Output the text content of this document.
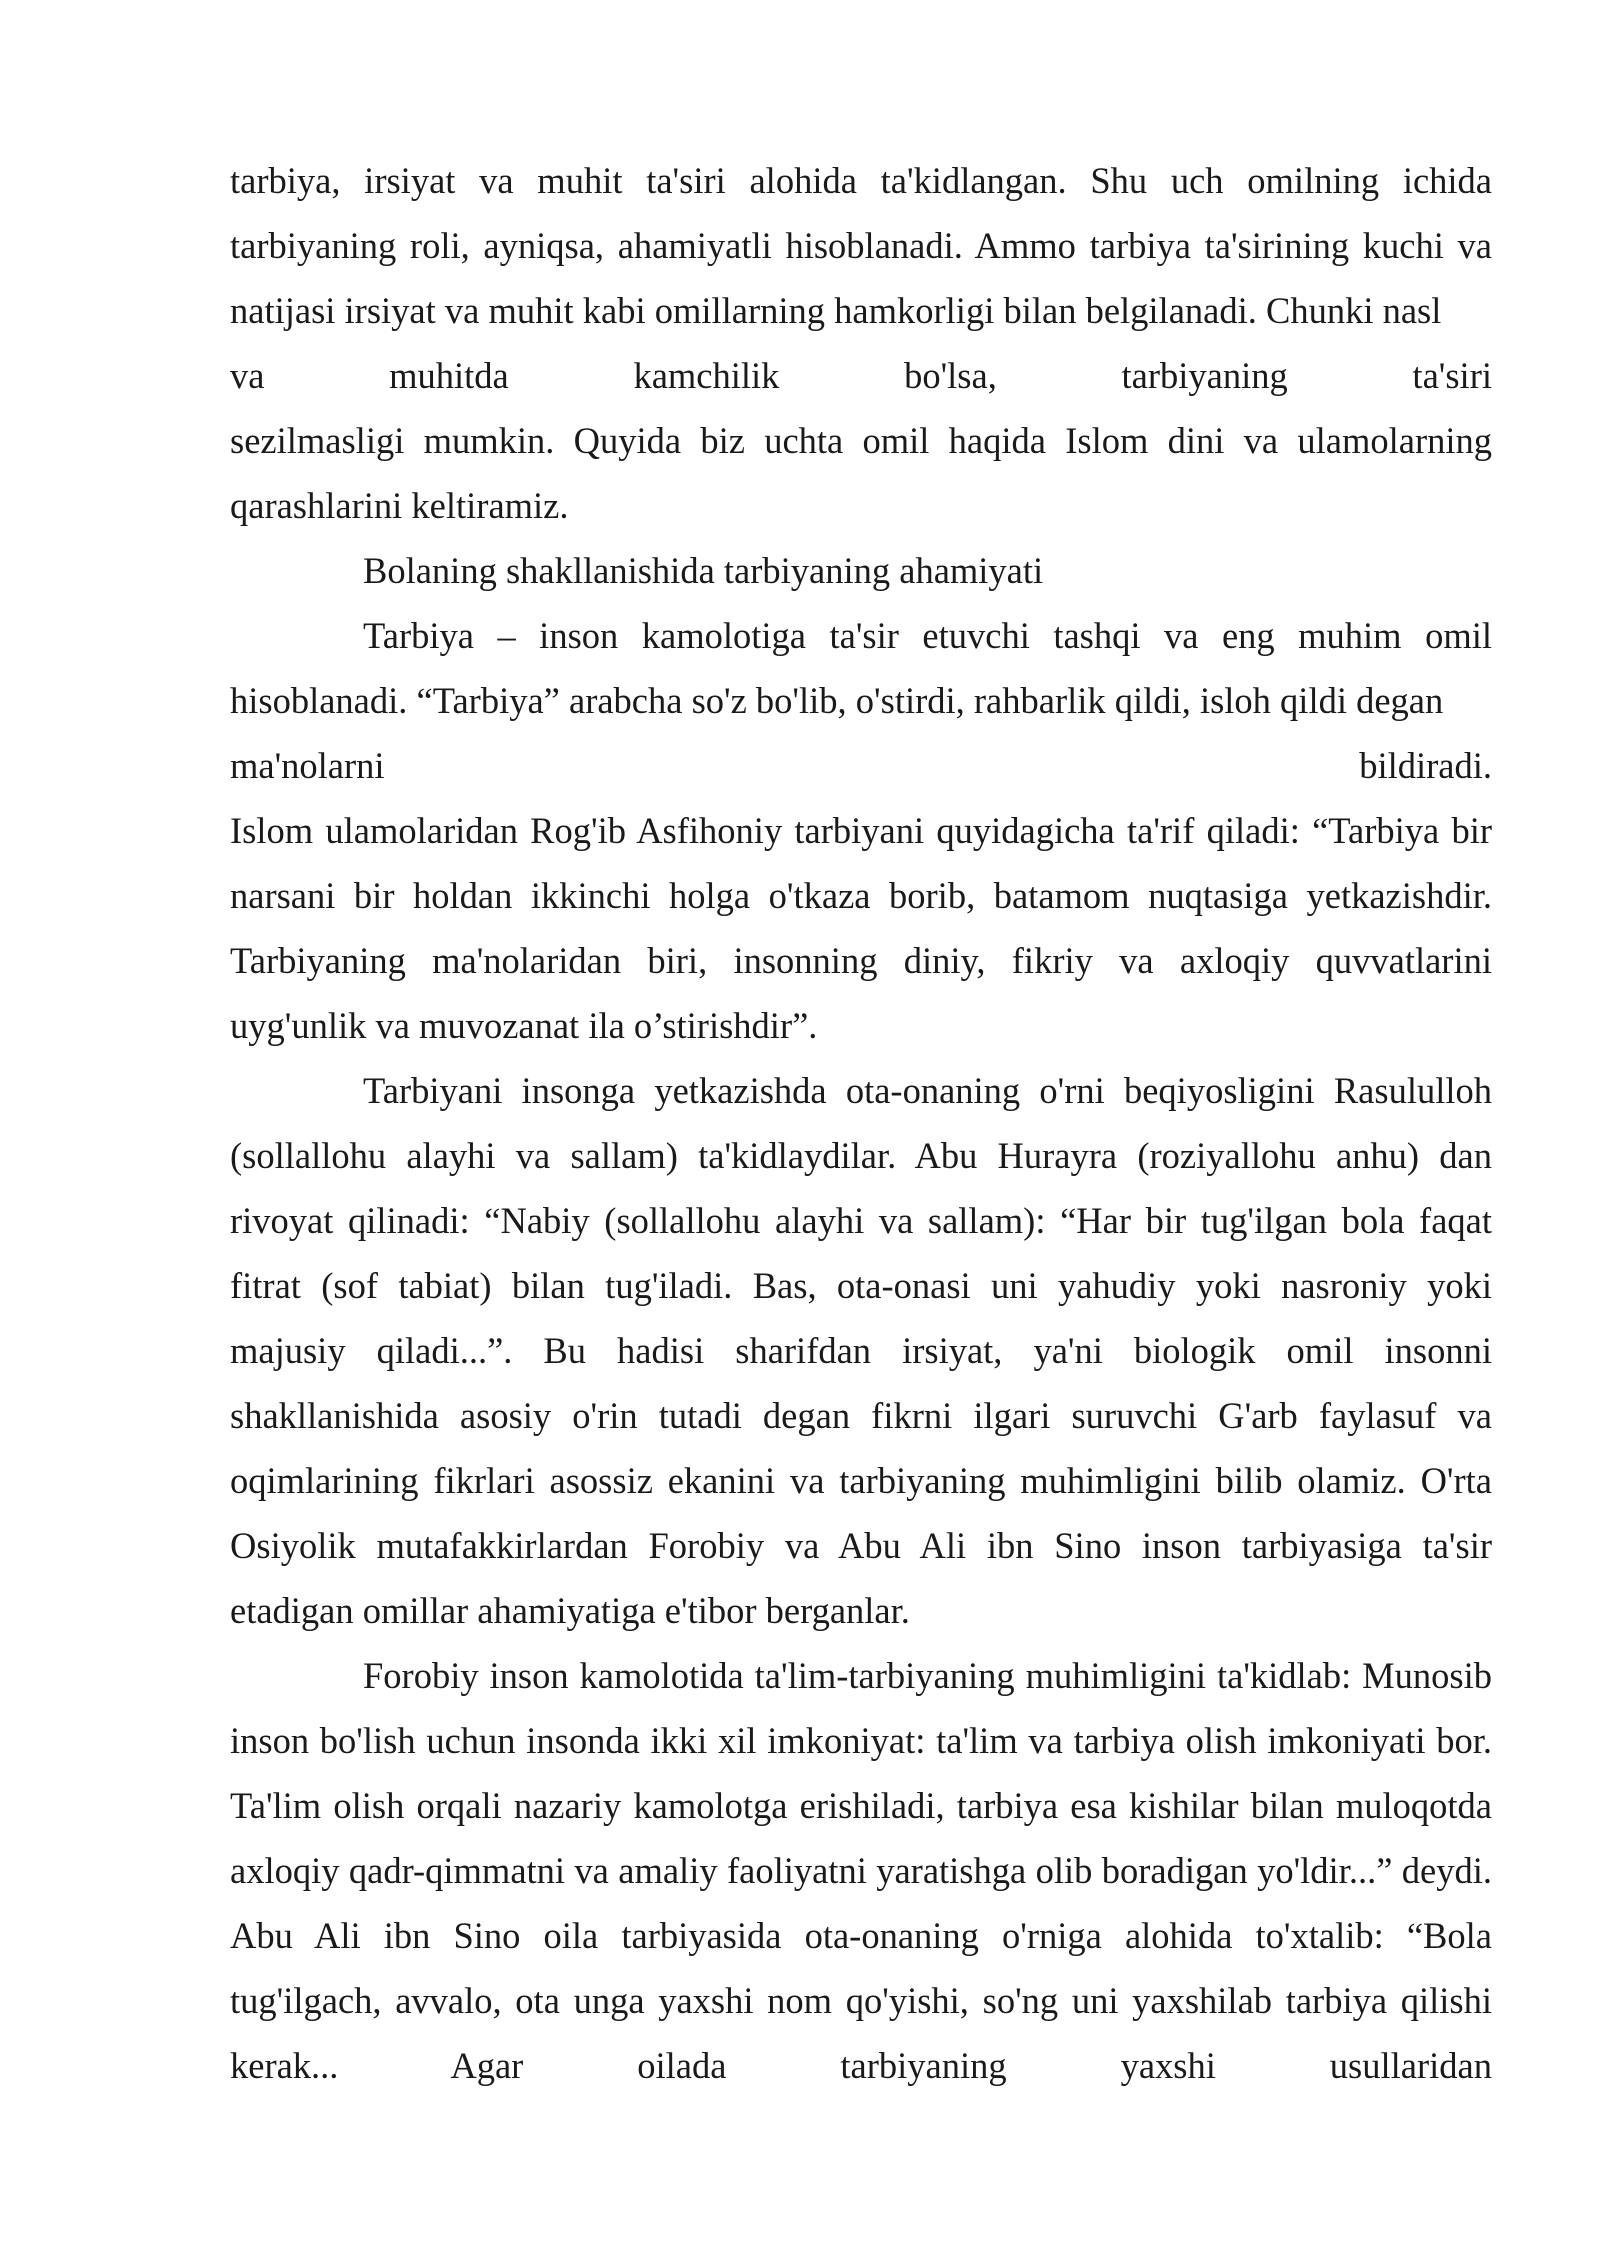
tarbiya, irsiyat va muhit ta'siri alohida ta'kidlangan. Shu uch omilning ichida tarbiyaning roli, ayniqsa, ahamiyatli hisoblanadi. Ammo tarbiya ta'sirining kuchi va natijasi irsiyat va muhit kabi omillarning hamkorligi bilan belgilanadi. Chunki nasl

va muhitda kamchilik bo'lsa, tarbiyaning ta'siri

sezilmasligi mumkin. Quyida biz uchta omil haqida Islom dini va ulamolarning qarashlarini keltiramiz.

Bolaning shakllanishida tarbiyaning ahamiyati

Tarbiya – inson kamolotiga ta'sir etuvchi tashqi va eng muhim omil hisoblanadi. “Tarbiya” arabcha so'z bo'lib, o'stirdi, rahbarlik qildi, isloh qildi degan

ma'nolarni bildiradi.

Islom ulamolaridan Rog'ib Asfihoniy tarbiyani quyidagicha ta'rif qiladi: “Tarbiya bir narsani bir holdan ikkinchi holga o'tkaza borib, batamom nuqtasiga yetkazishdir. Tarbiyaning ma'nolaridan biri, insonning diniy, fikriy va axloqiy quvvatlarini uyg'unlik va muvozanat ila o’stirishdir”.

Tarbiyani insonga yetkazishda ota-onaning o'rni beqiyosligini Rasululloh (sollallohu alayhi va sallam) ta'kidlaydilar. Abu Hurayra (roziyallohu anhu) dan rivoyat qilinadi: “Nabiy (sollallohu alayhi va sallam): “Har bir tug'ilgan bola faqat fitrat (sof tabiat) bilan tug'iladi. Bas, ota-onasi uni yahudiy yoki nasroniy yoki majusiy qiladi...”. Bu hadisi sharifdan irsiyat, ya'ni biologik omil insonni shakllanishida asosiy o'rin tutadi degan fikrni ilgari suruvchi G'arb faylasuf va oqimlarining fikrlari asossiz ekanini va tarbiyaning muhimligini bilib olamiz. O'rta Osiyolik mutafakkirlardan Forobiy va Abu Ali ibn Sino inson tarbiyasiga ta'sir etadigan omillar ahamiyatiga e'tibor berganlar.

Forobiy inson kamolotida ta'lim-tarbiyaning muhimligini ta'kidlab: Munosib inson bo'lish uchun insonda ikki xil imkoniyat: ta'lim va tarbiya olish imkoniyati bor. Ta'lim olish orqali nazariy kamolotga erishiladi, tarbiya esa kishilar bilan muloqotda axloqiy qadr-qimmatni va amaliy faoliyatni yaratishga olib boradigan yo'ldir...” deydi. Abu Ali ibn Sino oila tarbiyasida ota-onaning o'rniga alohida to'xtalib: “Bola tug'ilgach, avvalo, ota unga yaxshi nom qo'yishi, so'ng uni yaxshilab tarbiya qilishi kerak... Agar oilada tarbiyaning yaxshi usullaridan
